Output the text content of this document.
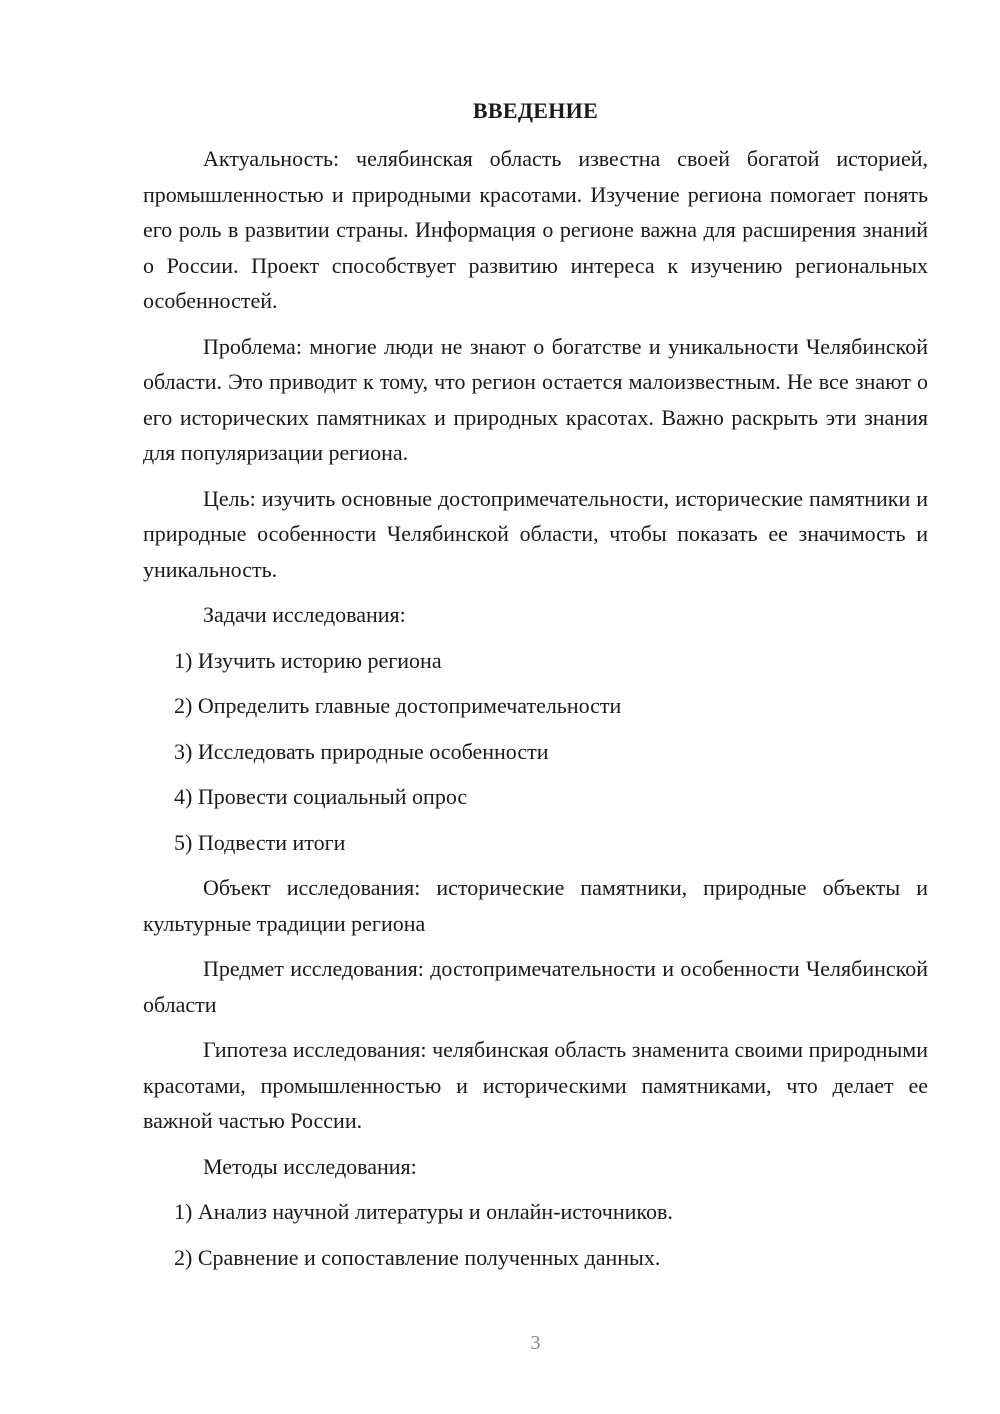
ВВЕДЕНИЕ

Актуальность: челябинская область известна своей богатой историей, промышленностью и природными красотами. Изучение региона помогает понять его роль в развитии страны. Информация о регионе важна для расширения знаний о России. Проект способствует развитию интереса к изучению региональных особенностей.

Проблема: многие люди не знают о богатстве и уникальности Челябинской области. Это приводит к тому, что регион остается малоизвестным. Не все знают о его исторических памятниках и природных красотах. Важно раскрыть эти знания для популяризации региона.

Цель: изучить основные достопримечательности, исторические памятники и природные особенности Челябинской области, чтобы показать ее значимость и уникальность.

Задачи исследования:

1) Изучить историю региона

2) Определить главные достопримечательности

3) Исследовать природные особенности

4) Провести социальный опрос

5) Подвести итоги

Объект исследования: исторические памятники, природные объекты и культурные традиции региона

Предмет исследования: достопримечательности и особенности Челябинской области

Гипотеза исследования: челябинская область знаменита своими природными красотами, промышленностью и историческими памятниками, что делает ее важной частью России.

Методы исследования:

1) Анализ научной литературы и онлайн-источников.

2) Сравнение и сопоставление полученных данных.

3
